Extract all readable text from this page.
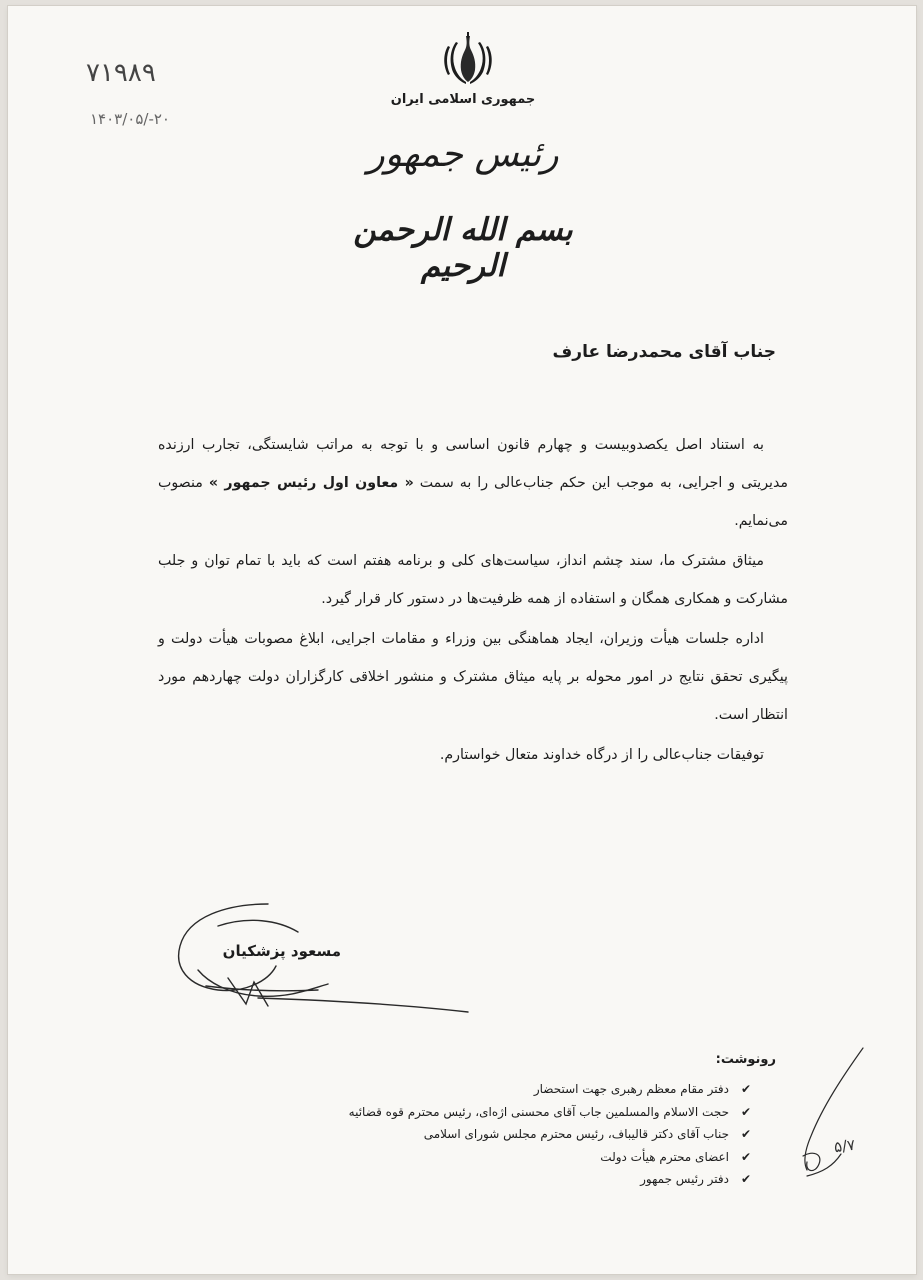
۷۱۹۸۹
۱۴۰۳/۰۵/-۲۰
جمهوری اسلامی ایران
رئیس جمهور
بسم الله الرحمن الرحیم
جناب آقای محمدرضا عارف

به استناد اصل یکصدوبیست و چهارم قانون اساسی و با توجه به مراتب شایستگی، تجارب ارزنده مدیریتی و اجرایی، به موجب این حکم جناب‌عالی را به سمت « معاون اول رئیس جمهور » منصوب می‌نمایم.

میثاق مشترک ما، سند چشم انداز، سیاست‌های کلی و برنامه هفتم است که باید با تمام توان و جلب مشارکت و همکاری همگان و استفاده از همه ظرفیت‌ها در دستور کار قرار گیرد.

اداره جلسات هیأت وزیران، ایجاد هماهنگی بین وزراء و مقامات اجرایی، ابلاغ مصوبات هیأت دولت و پیگیری تحقق نتایج در امور محوله بر پایه میثاق مشترک و منشور اخلاقی کارگزاران دولت چهاردهم مورد انتظار است.

توفیقات جناب‌عالی را از درگاه خداوند متعال خواستارم.

مسعود پزشکیان
رونوشت:
✔
دفتر مقام معظم رهبری جهت استحضار
✔
حجت الاسلام والمسلمین جاب آقای محسنی اژه‌ای، رئیس محترم قوه قضائیه
✔
جناب آقای دکتر قالیباف، رئیس محترم مجلس شورای اسلامی
✔
اعضای محترم هیأت دولت
✔
دفتر رئیس جمهور
۵/۷
